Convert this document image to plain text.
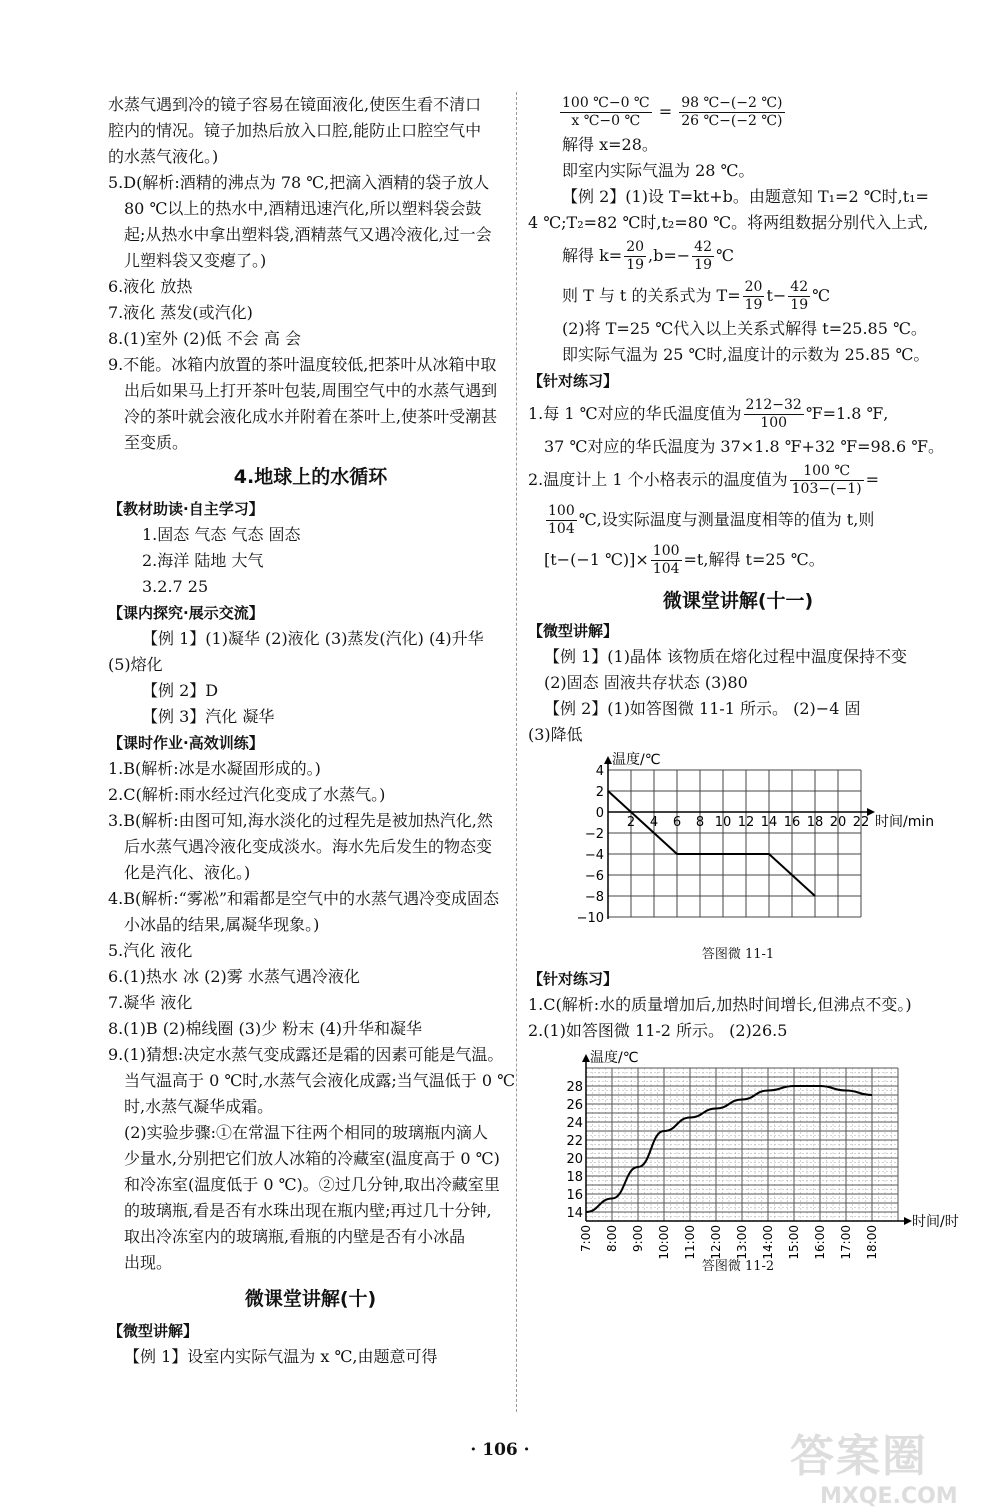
水蒸气遇到冷的镜子容易在镜面液化,使医生看不清口
腔内的情况。镜子加热后放入口腔,能防止口腔空气中
的水蒸气液化。)
5.D(解析:酒精的沸点为 78 ℃,把滴入酒精的袋子放人
80 ℃以上的热水中,酒精迅速汽化,所以塑料袋会鼓
起;从热水中拿出塑料袋,酒精蒸气又遇冷液化,过一会
儿塑料袋又变瘪了。)
6.液化 放热
7.液化 蒸发(或汽化)
8.(1)室外 (2)低 不会 高 会
9.不能。冰箱内放置的茶叶温度较低,把茶叶从冰箱中取
出后如果马上打开茶叶包装,周围空气中的水蒸气遇到
冷的茶叶就会液化成水并附着在茶叶上,使茶叶受潮甚
至变质。
4.地球上的水循环
【教材助读·自主学习】
1.固态 气态 气态 固态
2.海洋 陆地 大气
3.2.7 25
【课内探究·展示交流】
【例 1】(1)凝华 (2)液化 (3)蒸发(汽化) (4)升华
(5)熔化
【例 2】D
【例 3】汽化 凝华
【课时作业·高效训练】
1.B(解析:冰是水凝固形成的。)
2.C(解析:雨水经过汽化变成了水蒸气。)
3.B(解析:由图可知,海水淡化的过程先是被加热汽化,然
后水蒸气遇冷液化变成淡水。海水先后发生的物态变
化是汽化、液化。)
4.B(解析:“雾凇”和霜都是空气中的水蒸气遇冷变成固态
小冰晶的结果,属凝华现象。)
5.汽化 液化
6.(1)热水 冰 (2)雾 水蒸气遇冷液化
7.凝华 液化
8.(1)B (2)棉线圈 (3)少 粉末 (4)升华和凝华
9.(1)猜想:决定水蒸气变成露还是霜的因素可能是气温。
当气温高于 0 ℃时,水蒸气会液化成露;当气温低于 0 ℃
时,水蒸气凝华成霜。
(2)实验步骤:①在常温下往两个相同的玻璃瓶内滴人
少量水,分别把它们放人冰箱的冷藏室(温度高于 0 ℃)
和冷冻室(温度低于 0 ℃)。②过几分钟,取出冷藏室里
的玻璃瓶,看是否有水珠出现在瓶内壁;再过几十分钟,
取出冷冻室内的玻璃瓶,看瓶的内壁是否有小冰晶
出现。
微课堂讲解(十)
【微型讲解】
【例 1】设室内实际气温为 x ℃,由题意可得
$\frac{100 ℃-0 ℃}{x ℃-0 ℃} = \frac{98 ℃-(-2 ℃)}{26 ℃-(-2 ℃)}$
解得 x=28。
即室内实际气温为 28 ℃。
【例 2】(1)设 T=kt+b。由题意知 T₁=2 ℃时,t₁=
4 ℃;T₂=82 ℃时,t₂=80 ℃。将两组数据分别代入上式,
解得 $k= \frac{20}{19} ,b=- \frac{42}{19}$ ℃
则 T 与 t 的关系式为 $T= \frac{20}{19} t- \frac{42}{19}$ ℃
(2)将 T=25 ℃代入以上关系式解得 t=25.85 ℃。
即实际气温为 25 ℃时,温度计的示数为 25.85 ℃。
【针对练习】
1.每 1 ℃对应的华氏温度值为 $\frac{212-32}{100}$ ℉=1.8 ℉,
37 ℃对应的华氏温度为 37×1.8 ℉+32 ℉=98.6 ℉。
2.温度计上 1 个小格表示的温度值为 $\frac{100 ℃}{103-(-1)}$ =
$\frac{100}{104}$ ℃,设实际温度与测量温度相等的值为 t,则
[t−(−1 ℃)]× $\frac{100}{104} =t$,解得 t=25 ℃。
微课堂讲解(十一)
【微型讲解】
【例 1】(1)晶体 该物质在熔化过程中温度保持不变
(2)固态 固液共存状态 (3)80
【例 2】(1)如答图微 11-1 所示。 (2)−4 固
(3)降低
温度/℃
时间/min
4
2
0
−2
−4
−6
−8
−10
2 4 6 8 10 12 14 16 18 20 22
答图微 11-1
【针对练习】
1.C(解析:水的质量增加后,加热时间增长,但沸点不变。)
2.(1)如答图微 11-2 所示。 (2)26.5
温度/℃
时间/时
14
16
18
20
22
24
26
28
7:00 8:00 9:00 10:00 11:00 12:00 13:00 14:00 15:00 16:00 17:00 18:00
答图微 11-2
· 106 ·	答案圈
MXQE.COM
